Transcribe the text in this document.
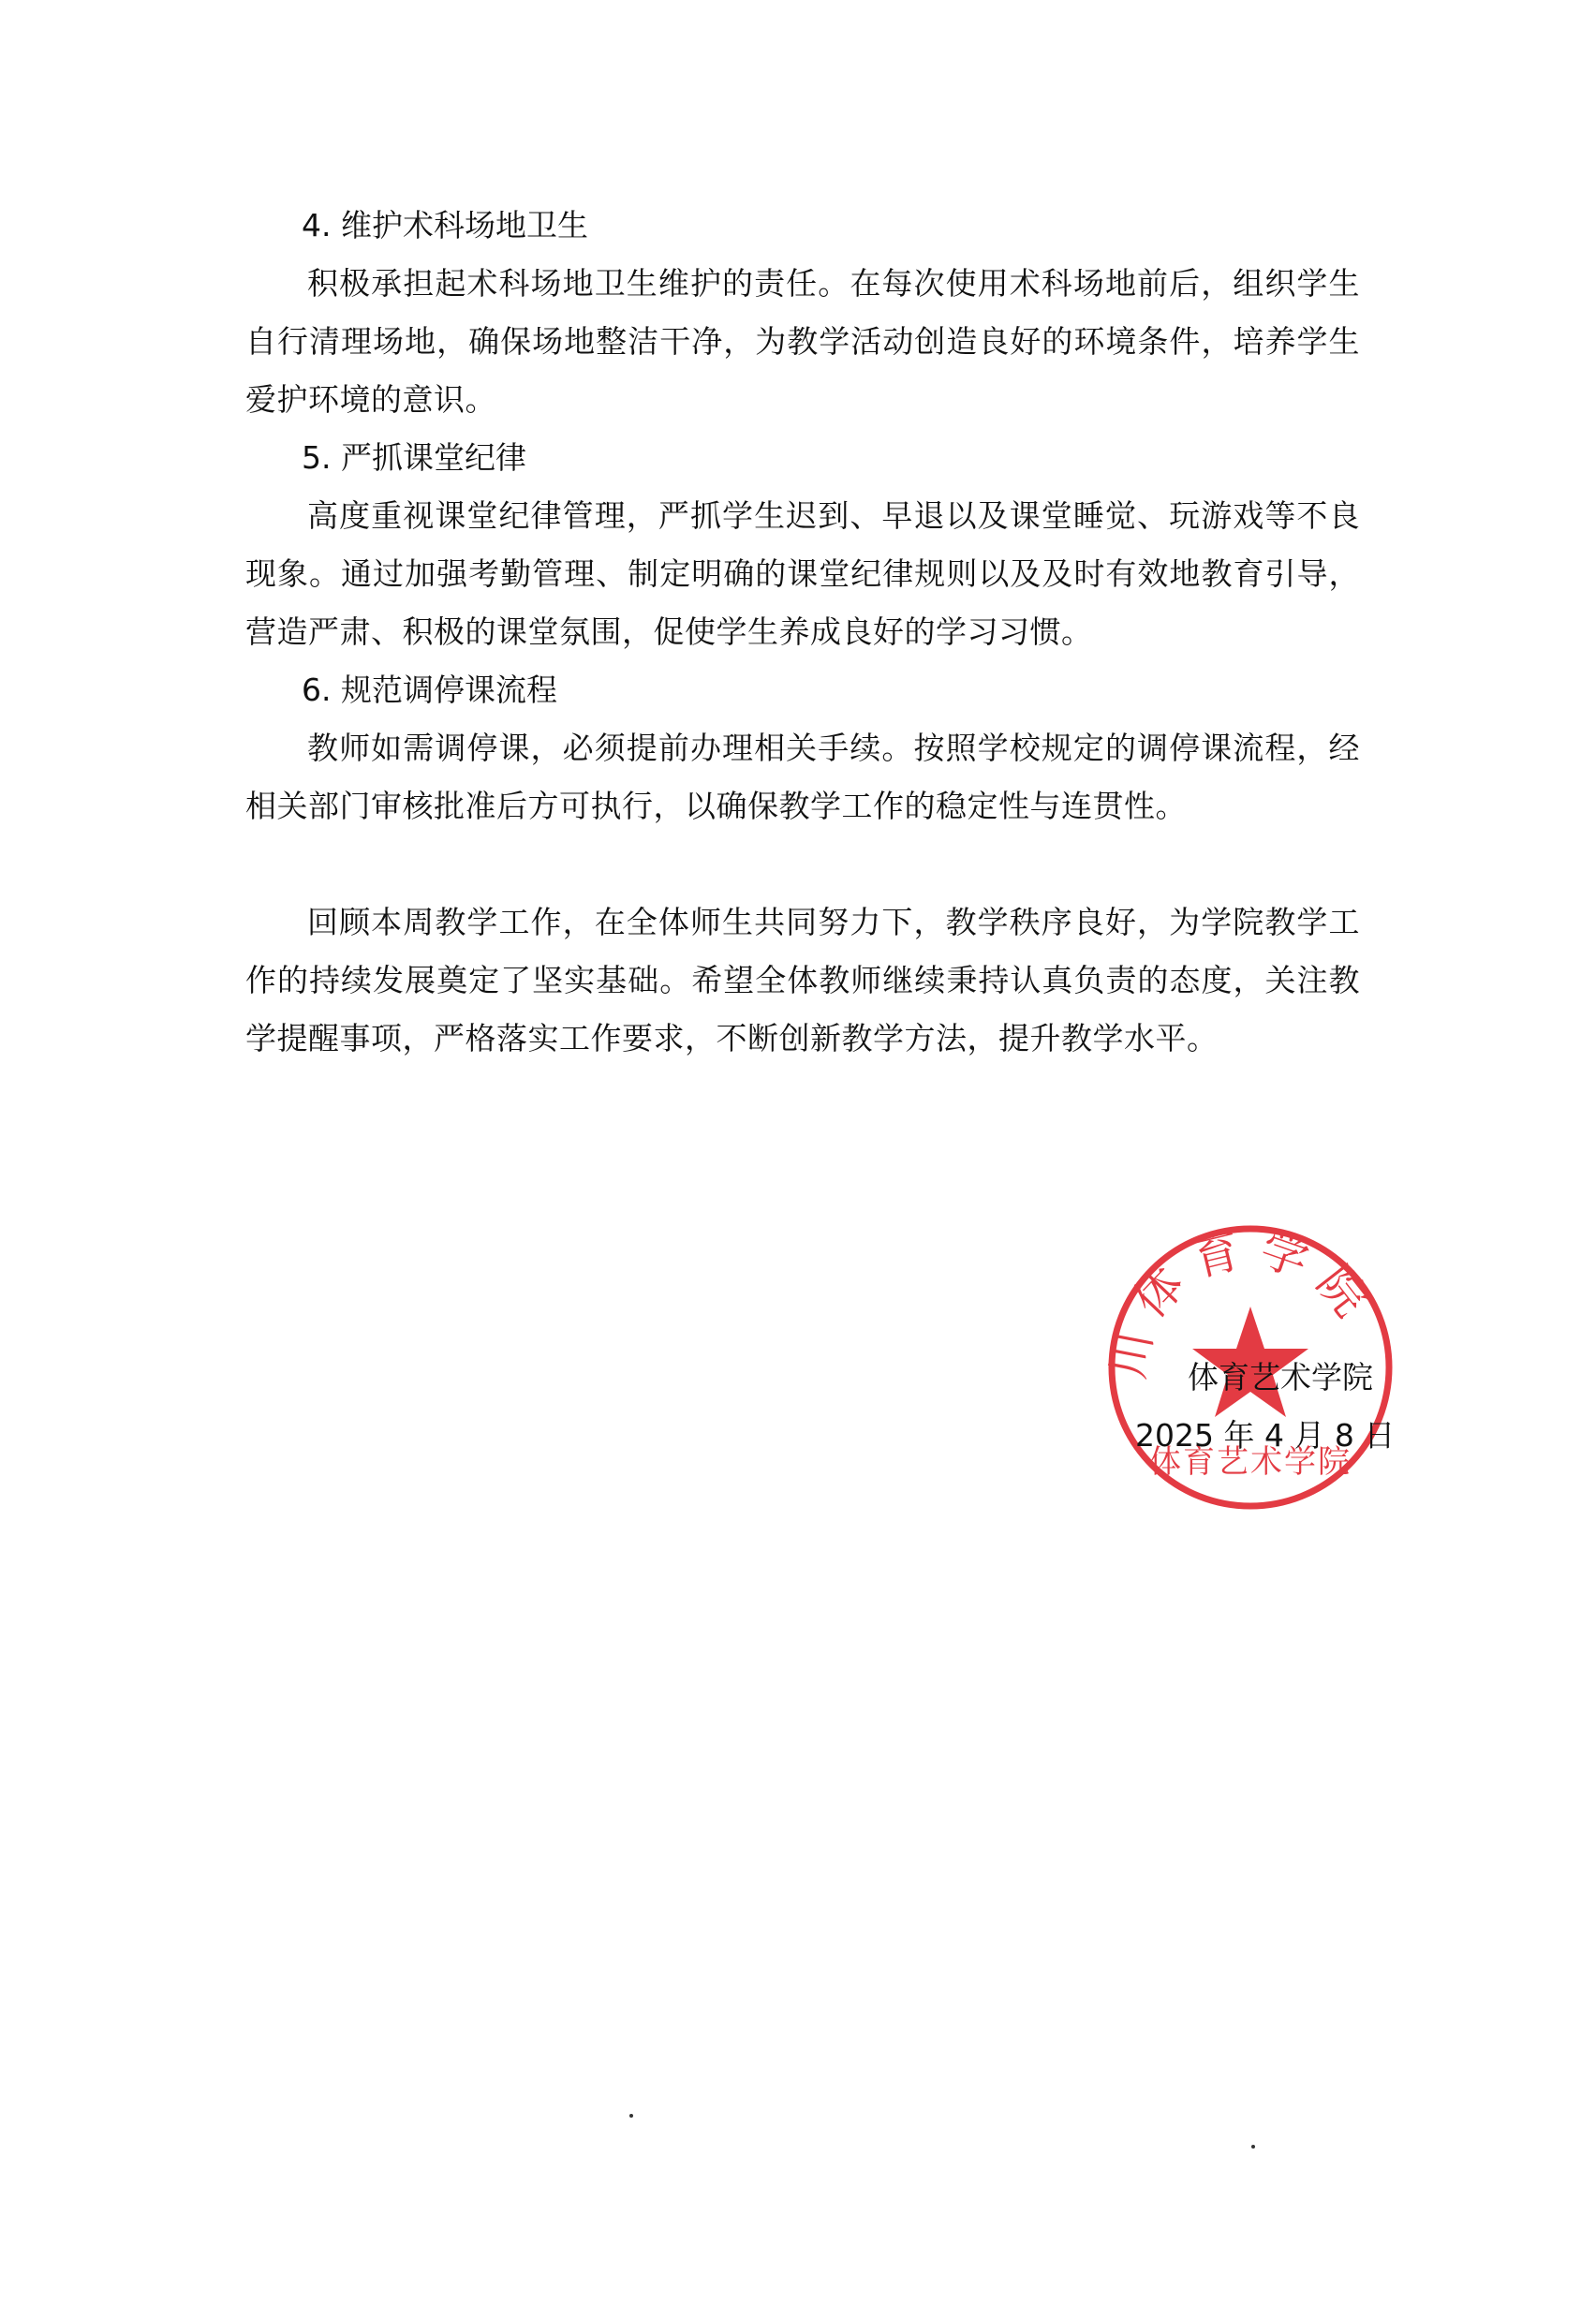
4. 维护术科场地卫生

积极承担起术科场地卫生维护的责任。在每次使用术科场地前后，组织学生自行清理场地，确保场地整洁干净，为教学活动创造良好的环境条件，培养学生爱护环境的意识。

5. 严抓课堂纪律

高度重视课堂纪律管理，严抓学生迟到、早退以及课堂睡觉、玩游戏等不良现象。通过加强考勤管理、制定明确的课堂纪律规则以及及时有效地教育引导，营造严肃、积极的课堂氛围，促使学生养成良好的学习习惯。

6. 规范调停课流程

教师如需调停课，必须提前办理相关手续。按照学校规定的调停课流程，经相关部门审核批准后方可执行，以确保教学工作的稳定性与连贯性。

回顾本周教学工作，在全体师生共同努力下，教学秩序良好，为学院教学工作的持续发展奠定了坚实基础。希望全体教师继续秉持认真负责的态度，关注教学提醒事项，严格落实工作要求，不断创新教学方法，提升教学水平。

川体育学院
体育艺术学院
体育艺术学院
2025 年 4 月 8 日
